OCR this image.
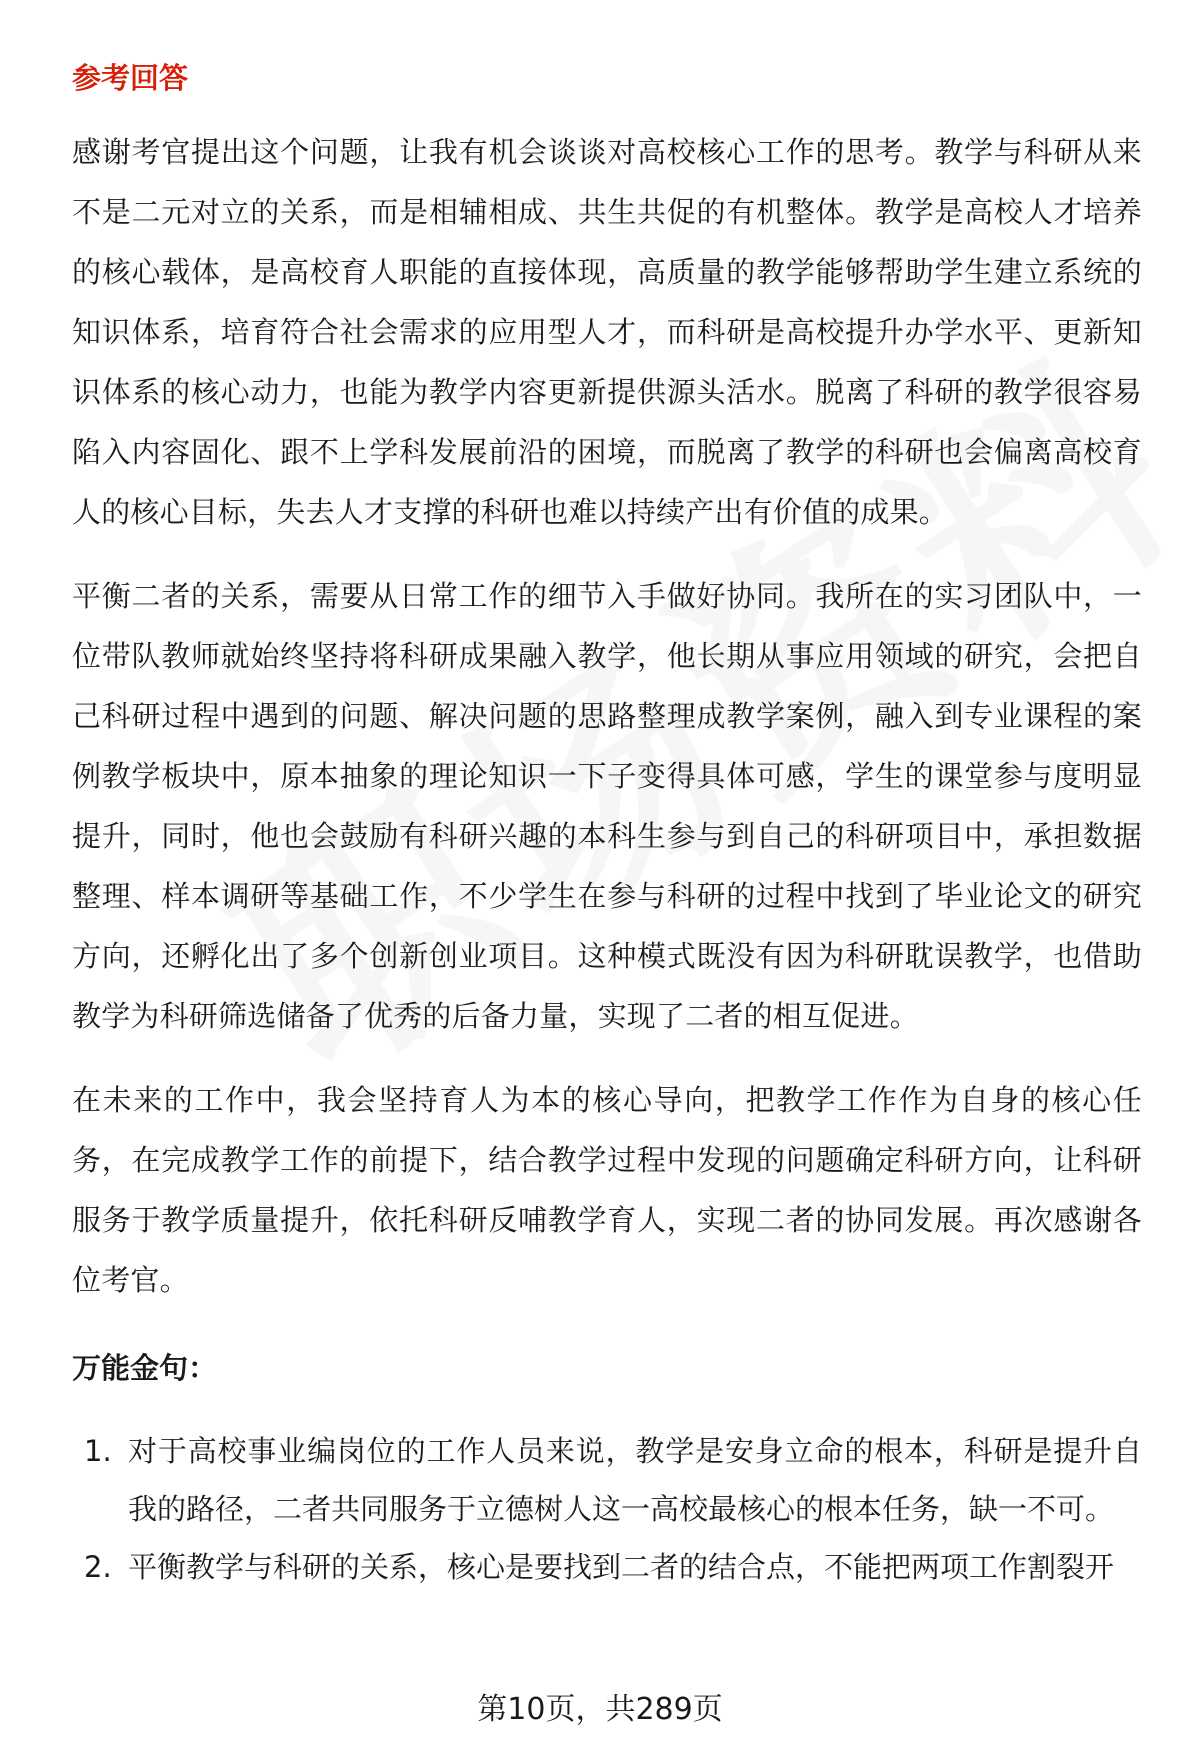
参考回答

感谢考官提出这个问题，让我有机会谈谈对高校核心工作的思考。教学与科研从来不是二元对立的关系，而是相辅相成、共生共促的有机整体。教学是高校人才培养的核心载体，是高校育人职能的直接体现，高质量的教学能够帮助学生建立系统的知识体系，培育符合社会需求的应用型人才，而科研是高校提升办学水平、更新知识体系的核心动力，也能为教学内容更新提供源头活水。脱离了科研的教学很容易陷入内容固化、跟不上学科发展前沿的困境，而脱离了教学的科研也会偏离高校育人的核心目标，失去人才支撑的科研也难以持续产出有价值的成果。

平衡二者的关系，需要从日常工作的细节入手做好协同。我所在的实习团队中，一位带队教师就始终坚持将科研成果融入教学，他长期从事应用领域的研究，会把自己科研过程中遇到的问题、解决问题的思路整理成教学案例，融入到专业课程的案例教学板块中，原本抽象的理论知识一下子变得具体可感，学生的课堂参与度明显提升，同时，他也会鼓励有科研兴趣的本科生参与到自己的科研项目中，承担数据整理、样本调研等基础工作，不少学生在参与科研的过程中找到了毕业论文的研究方向，还孵化出了多个创新创业项目。这种模式既没有因为科研耽误教学，也借助教学为科研筛选储备了优秀的后备力量，实现了二者的相互促进。

在未来的工作中，我会坚持育人为本的核心导向，把教学工作作为自身的核心任务，在完成教学工作的前提下，结合教学过程中发现的问题确定科研方向，让科研服务于教学质量提升，依托科研反哺教学育人，实现二者的协同发展。再次感谢各位考官。

万能金句：
1. 对于高校事业编岗位的工作人员来说，教学是安身立命的根本，科研是提升自我的路径，二者共同服务于立德树人这一高校最核心的根本任务，缺一不可。
2. 平衡教学与科研的关系，核心是要找到二者的结合点，不能把两项工作割裂开
第10页，共289页
